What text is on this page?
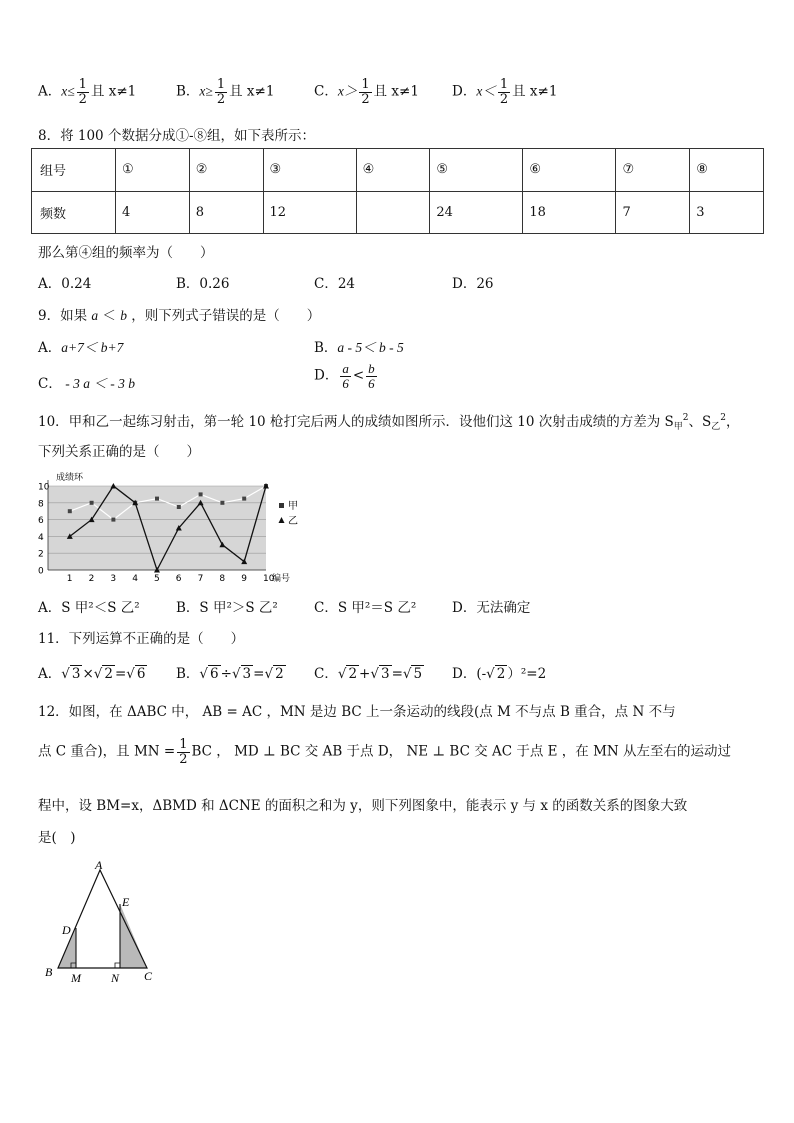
A．$x\le \frac{1}{2}$ 且 x≠1	B．$x\ge \frac{1}{2}$ 且 x≠1	C．$x> \frac{1}{2}$ 且 x≠1 D．$x< \frac{1}{2}$ 且 x≠1
8．将 100 个数据分成①-⑧组，如下表所示：
组号	①	②	③	④	⑤	⑥	⑦	⑧
频数	4	8	12		24	18	7	3
那么第④组的频率为（　　）
A．0.24	B．0.26	C．24	D．26
9．如果 a ＜ b ，则下列式子错误的是（　　）
A．a+7＜ b+7	B．a - 5＜ b - 5
C． - 3 a ＜ - 3 b	D． $\frac{a}{6} < \frac{b}{6}$
10．甲和乙一起练习射击，第一轮 10 枪打完后两人的成绩如图所示．设他们这 10 次射击成绩的方差为 $S_甲^2$、$S_乙^2$，
下列关系正确的是（　　）
0
2
4
6
8
10
1 2 3 4 5 6 7 8 9 10
成绩环
编号
甲
乙
A．S 甲²＜S 乙²	B．S 甲²＞S 乙²	C．S 甲²＝S 乙²	D．无法确定
11．下列运算不正确的是（　　）
A．√ 3 ×√ 2 =√ 6 B．√ 6 ÷√ 3 =√ 2 C．√ 2 +√ 3 =√ 5 D．(-√ 2 ）²=2
12．如图，在 ΔABC 中， AB = AC ，MN 是边 BC 上一条运动的线段(点 M 不与点 B 重合，点 N 不与
点 C 重合)，且 MN = $\frac{1}{2}$ BC ， MD ⊥ BC 交 AB 于点 D， NE ⊥ BC 交 AC 于点 E ，在 MN 从左至右的运动过
程中，设 BM=x，ΔBMD 和 ΔCNE 的面积之和为 y，则下列图象中，能表示 y 与 x 的函数关系的图象大致
是(　)
A
B	C
D
E
M	N
